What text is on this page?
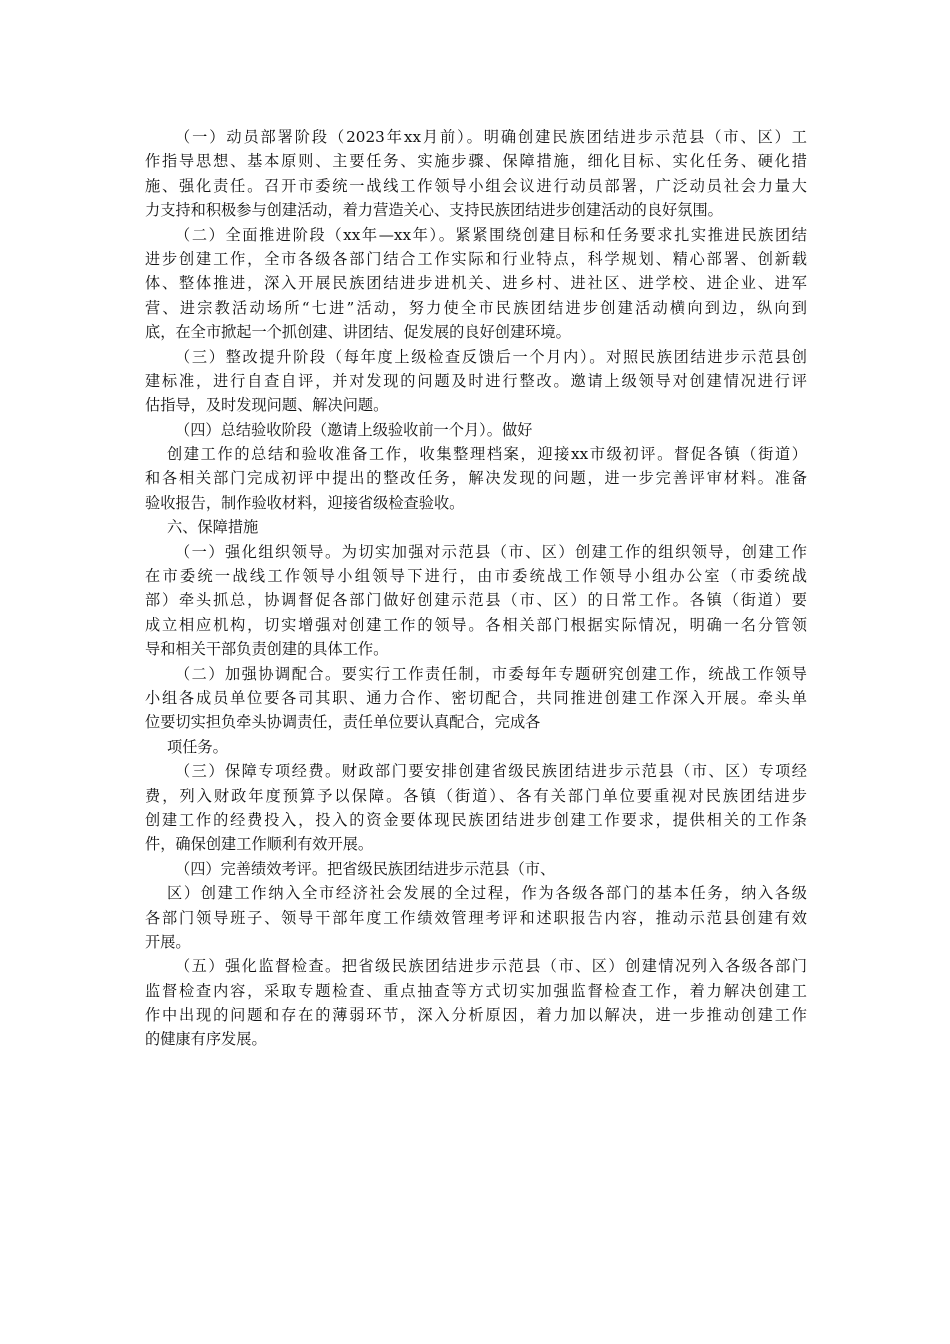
（一）动员部署阶段（2023年xx月前）。明确创建民族团结进步示范县（市、区）工
作指导思想、基本原则、主要任务、实施步骤、保障措施，细化目标、实化任务、硬化措
施、强化责任。召开市委统一战线工作领导小组会议进行动员部署，广泛动员社会力量大
力支持和积极参与创建活动，着力营造关心、支持民族团结进步创建活动的良好氛围。
（二）全面推进阶段（xx年—xx年）。紧紧围绕创建目标和任务要求扎实推进民族团结
进步创建工作，全市各级各部门结合工作实际和行业特点，科学规划、精心部署、创新载
体、整体推进，深入开展民族团结进步进机关、进乡村、进社区、进学校、进企业、进军
营、进宗教活动场所“七进”活动，努力使全市民族团结进步创建活动横向到边，纵向到
底，在全市掀起一个抓创建、讲团结、促发展的良好创建环境。
（三）整改提升阶段（每年度上级检查反馈后一个月内）。对照民族团结进步示范县创
建标准，进行自查自评，并对发现的问题及时进行整改。邀请上级领导对创建情况进行评
估指导，及时发现问题、解决问题。
（四）总结验收阶段（邀请上级验收前一个月）。做好
创建工作的总结和验收准备工作，收集整理档案，迎接xx市级初评。督促各镇（街道）
和各相关部门完成初评中提出的整改任务，解决发现的问题，进一步完善评审材料。准备
验收报告，制作验收材料，迎接省级检查验收。
六、保障措施
（一）强化组织领导。为切实加强对示范县（市、区）创建工作的组织领导，创建工作
在市委统一战线工作领导小组领导下进行，由市委统战工作领导小组办公室（市委统战
部）牵头抓总，协调督促各部门做好创建示范县（市、区）的日常工作。各镇（街道）要
成立相应机构，切实增强对创建工作的领导。各相关部门根据实际情况，明确一名分管领
导和相关干部负责创建的具体工作。
（二）加强协调配合。要实行工作责任制，市委每年专题研究创建工作，统战工作领导
小组各成员单位要各司其职、通力合作、密切配合，共同推进创建工作深入开展。牵头单
位要切实担负牵头协调责任，责任单位要认真配合，完成各
项任务。
（三）保障专项经费。财政部门要安排创建省级民族团结进步示范县（市、区）专项经
费，列入财政年度预算予以保障。各镇（街道）、各有关部门单位要重视对民族团结进步
创建工作的经费投入，投入的资金要体现民族团结进步创建工作要求，提供相关的工作条
件，确保创建工作顺利有效开展。
（四）完善绩效考评。把省级民族团结进步示范县（市、
区）创建工作纳入全市经济社会发展的全过程，作为各级各部门的基本任务，纳入各级
各部门领导班子、领导干部年度工作绩效管理考评和述职报告内容，推动示范县创建有效
开展。
（五）强化监督检查。把省级民族团结进步示范县（市、区）创建情况列入各级各部门
监督检查内容，采取专题检查、重点抽查等方式切实加强监督检查工作，着力解决创建工
作中出现的问题和存在的薄弱环节，深入分析原因，着力加以解决，进一步推动创建工作
的健康有序发展。
